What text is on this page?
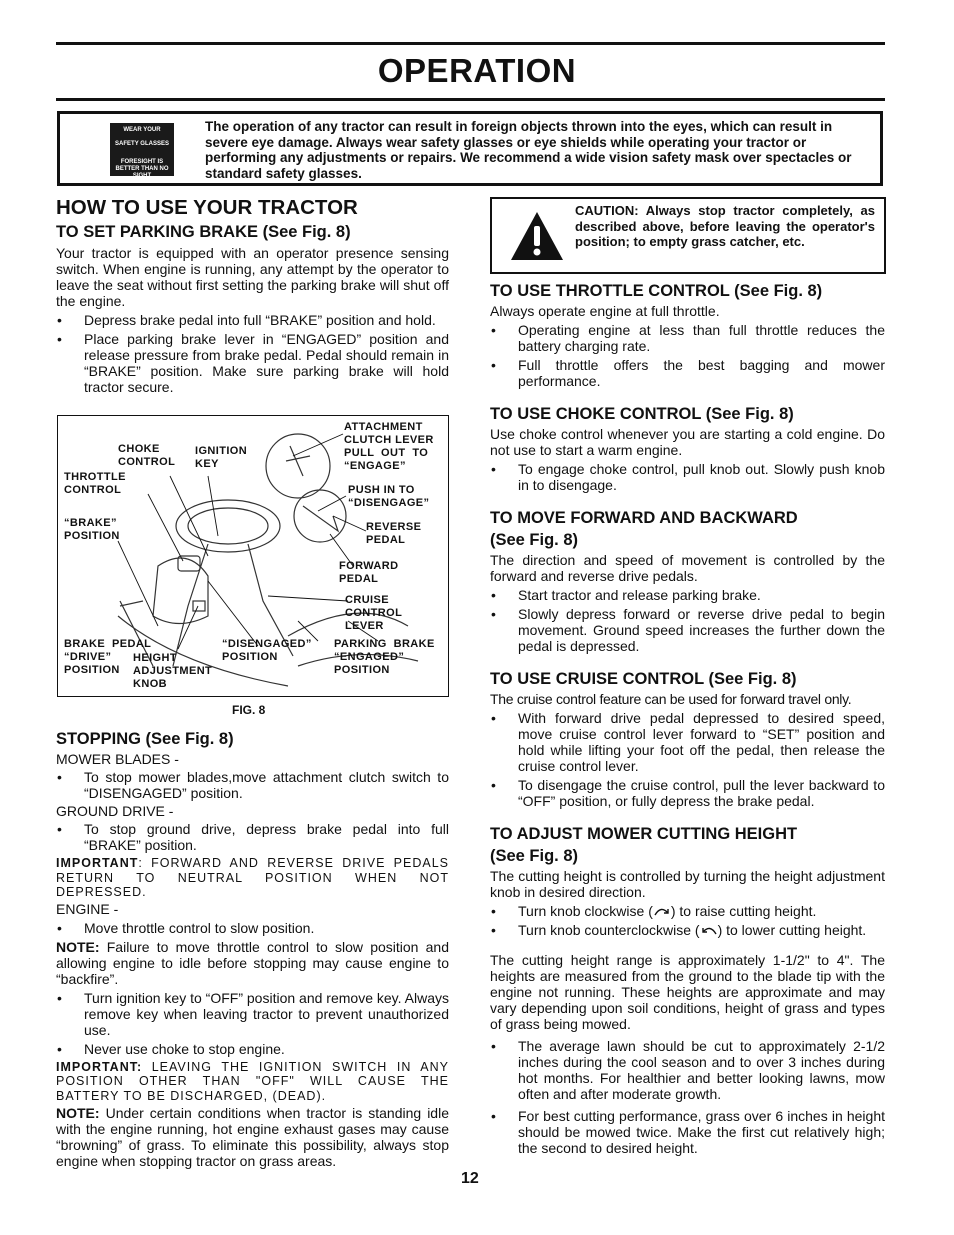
OPERATION
WEAR YOUR
SAFETY GLASSES
FORESIGHT IS BETTER THAN NO SIGHT
The operation of any tractor can result in foreign objects thrown into the eyes, which can result in severe eye damage. Always wear safety glasses or eye shields while operating your tractor or performing any adjustments or repairs. We recommend a wide vision safety mask over spectacles or standard safety glasses.
HOW TO USE YOUR TRACTOR
TO SET PARKING BRAKE (See Fig. 8)

Your tractor is equipped with an operator presence sensing switch. When engine is running, any attempt by the operator to leave the seat without first setting the parking brake will shut off the engine.

• Depress brake pedal into full “BRAKE” position and hold.

• Place parking brake lever in “ENGAGED” position and release pressure from brake pedal. Pedal should remain in “BRAKE” position. Make sure parking brake will hold tractor secure.

CHOKE
CONTROL
IGNITION
KEY
THROTTLE
CONTROL
“BRAKE”
POSITION
ATTACHMENT
CLUTCH LEVER
PULL  OUT  TO
“ENGAGE”
PUSH IN TO
“DISENGAGE”
REVERSE
PEDAL
FORWARD
PEDAL
CRUISE
CONTROL
LEVER
BRAKE  PEDAL
“DRIVE”
POSITION
HEIGHT
ADJUSTMENT
KNOB
“DISENGAGED”
POSITION
PARKING  BRAKE
“ENGAGED”
POSITION
FIG. 8
STOPPING (See Fig. 8)

MOWER BLADES -

• To stop mower blades,move attachment clutch switch to “DISENGAGED” position.

GROUND DRIVE -

• To stop ground drive, depress brake pedal into full “BRAKE” position.

IMPORTANT: FORWARD AND REVERSE DRIVE PEDALS RETURN TO NEUTRAL POSITION WHEN NOT DEPRESSED.

ENGINE -

• Move throttle control to slow position.

NOTE: Failure to move throttle control to slow position and allowing engine to idle before stopping may cause engine to “backfire”.

• Turn ignition key to “OFF” position and remove key. Always remove key when leaving tractor to prevent unauthorized use.

• Never use choke to stop engine.

IMPORTANT: LEAVING THE IGNITION SWITCH IN ANY POSITION OTHER THAN "OFF" WILL CAUSE THE BATTERY TO BE DISCHARGED, (DEAD).

NOTE: Under certain conditions when tractor is standing idle with the engine running, hot engine exhaust gases may cause “browning” of grass. To eliminate this possibility, always stop engine when stopping tractor on grass areas.

CAUTION: Always stop tractor completely, as described above, before leaving the operator's position; to empty grass catcher, etc.
TO USE THROTTLE CONTROL (See Fig. 8)

Always operate engine at full throttle.

• Operating engine at less than full throttle reduces the battery charging rate.

• Full throttle offers the best bagging and mower performance.

TO USE CHOKE CONTROL (See Fig. 8)

Use choke control whenever you are starting a cold engine. Do not use to start a warm engine.

• To engage choke control, pull knob out. Slowly push knob in to disengage.

TO MOVE FORWARD AND BACKWARD
(See Fig. 8)

The direction and speed of movement is controlled by the forward and reverse drive pedals.

• Start tractor and release parking brake.

• Slowly depress forward or reverse drive pedal to begin movement. Ground speed increases the further down the pedal is depressed.

TO USE CRUISE CONTROL (See Fig. 8)

The cruise control feature can be used for forward travel only.

• With forward drive pedal depressed to desired speed, move cruise control lever forward to “SET” position and hold while lifting your foot off the pedal, then release the cruise control lever.

• To disengage the cruise control, pull the lever backward to “OFF” position, or fully depress the brake pedal.

TO ADJUST MOWER CUTTING HEIGHT
(See Fig. 8)

The cutting height is controlled by turning the height adjustment knob in desired direction.

• Turn knob clockwise ( ) to raise cutting height.

• Turn knob counterclockwise ( ) to lower cutting height.

The cutting height range is approximately 1-1/2" to 4". The heights are measured from the ground to the blade tip with the engine not running. These heights are approximate and may vary depending upon soil conditions, height of grass and types of grass being mowed.

• The average lawn should be cut to approximately 2-1/2 inches during the cool season and to over 3 inches during hot months. For healthier and better looking lawns, mow often and after moderate growth.

• For best cutting performance, grass over 6 inches in height should be mowed twice. Make the first cut relatively high; the second to desired height.

12
